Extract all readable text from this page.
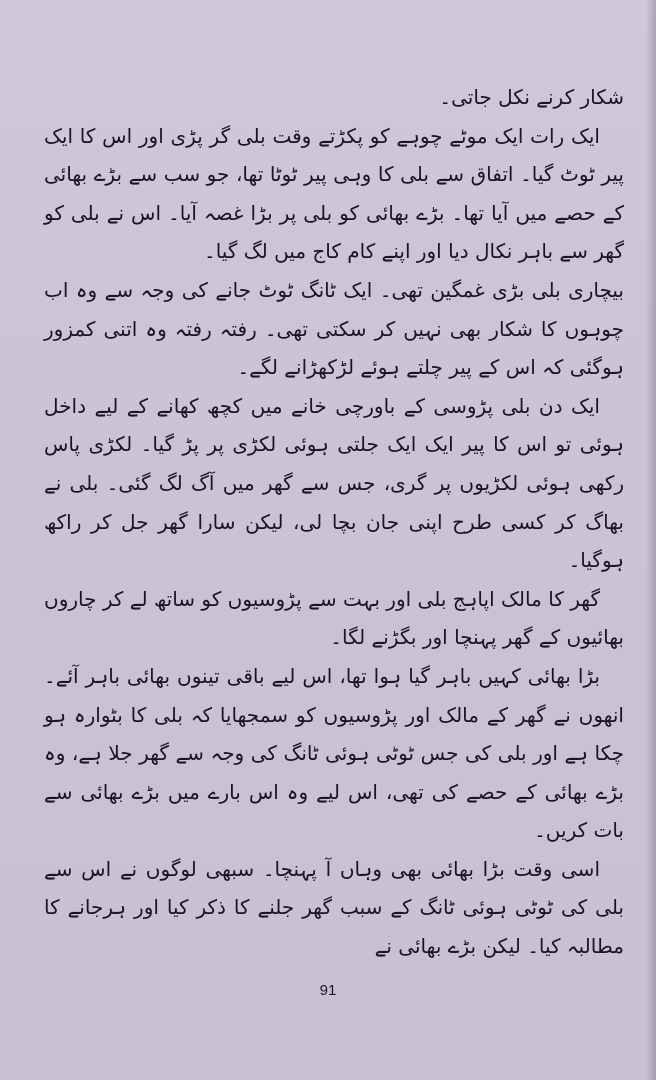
شکار کرنے نکل جاتی۔

ایک رات ایک موٹے چوہے کو پکڑتے وقت بلی گر پڑی اور اس کا ایک پیر ٹوٹ گیا۔ اتفاق سے بلی کا وہی پیر ٹوٹا تھا، جو سب سے بڑے بھائی کے حصے میں آیا تھا۔ بڑے بھائی کو بلی پر بڑا غصہ آیا۔ اس نے بلی کو گھر سے باہر نکال دیا اور اپنے کام کاج میں لگ گیا۔

بیچاری بلی بڑی غمگین تھی۔ ایک ٹانگ ٹوٹ جانے کی وجہ سے وہ اب چوہوں کا شکار بھی نہیں کر سکتی تھی۔ رفتہ رفتہ وہ اتنی کمزور ہوگئی کہ اس کے پیر چلتے ہوئے لڑکھڑانے لگے۔

ایک دن بلی پڑوسی کے باورچی خانے میں کچھ کھانے کے لیے داخل ہوئی تو اس کا پیر ایک ایک جلتی ہوئی لکڑی پر پڑ گیا۔ لکڑی پاس رکھی ہوئی لکڑیوں پر گری، جس سے گھر میں آگ لگ گئی۔ بلی نے بھاگ کر کسی طرح اپنی جان بچا لی، لیکن سارا گھر جل کر راکھ ہوگیا۔

گھر کا مالک اپاہج بلی اور بہت سے پڑوسیوں کو ساتھ لے کر چاروں بھائیوں کے گھر پہنچا اور بگڑنے لگا۔

بڑا بھائی کہیں باہر گیا ہوا تھا، اس لیے باقی تینوں بھائی باہر آئے۔ انھوں نے گھر کے مالک اور پڑوسیوں کو سمجھایا کہ بلی کا بٹوارہ ہو چکا ہے اور بلی کی جس ٹوٹی ہوئی ٹانگ کی وجہ سے گھر جلا ہے، وہ بڑے بھائی کے حصے کی تھی، اس لیے وہ اس بارے میں بڑے بھائی سے بات کریں۔

اسی وقت بڑا بھائی بھی وہاں آ پہنچا۔ سبھی لوگوں نے اس سے بلی کی ٹوٹی ہوئی ٹانگ کے سبب گھر جلنے کا ذکر کیا اور ہرجانے کا مطالبہ کیا۔ لیکن بڑے بھائی نے

91
